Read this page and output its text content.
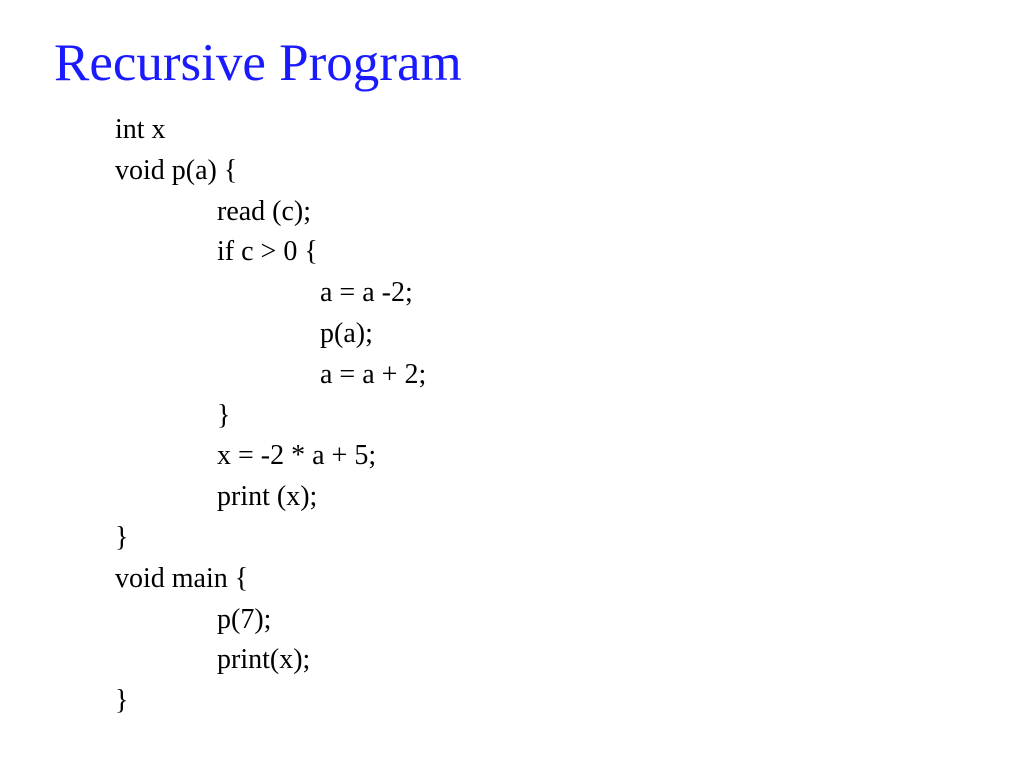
Recursive Program
int x
void p(a) {
read (c);
if c > 0 {
a = a -2;
p(a);
a = a + 2;
}
x = -2 * a + 5;
print (x);
}
void main {
p(7);
print(x);
}
